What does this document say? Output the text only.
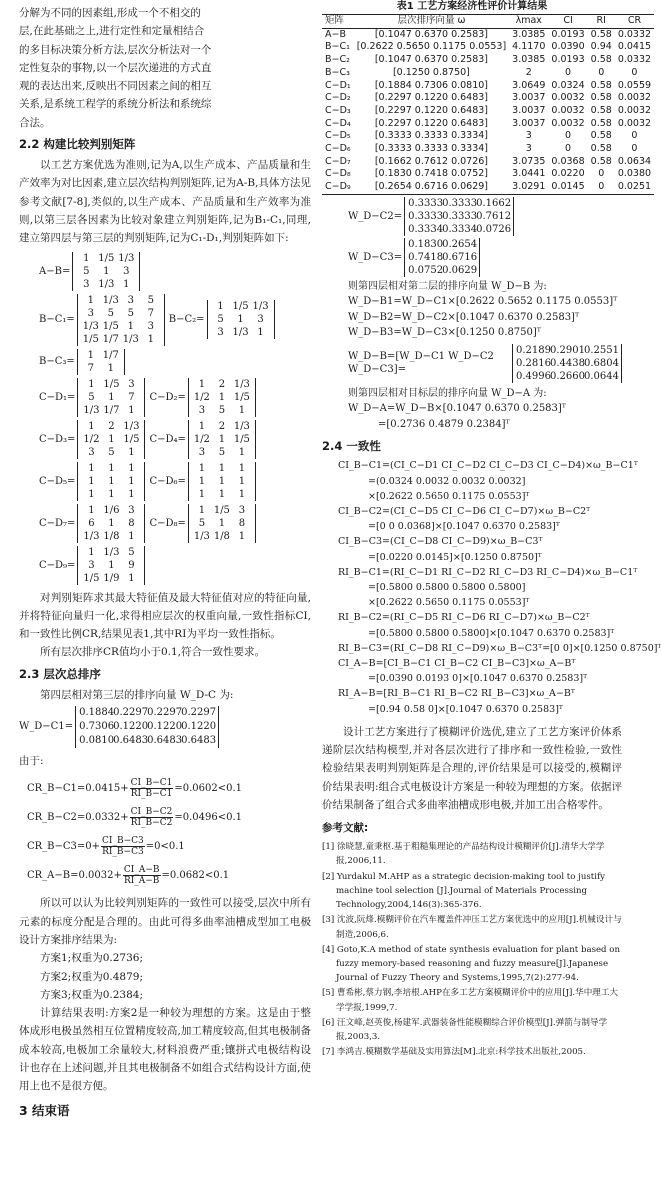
分解为不同的因素组,形成一个不相交的
层,在此基础之上,进行定性和定量相结合
的多目标决策分析方法,层次分析法对一个
定性复杂的事物,以一个层次递进的方式直
观的表达出来,反映出不同因素之间的相互
关系,是系统工程学的系统分析法和系统综
合法。
2.2 构建比较判别矩阵

以工艺方案优选为准则,记为A,以生产成本、产品质量和生产效率为对比因素,建立层次结构判别矩阵,记为A-B,具体方法见参考文献[7-8],类似的,以生产成本、产品质量和生产效率为准则,以第三层各因素为比较对象建立判别矩阵,记为B₁-C₁,同理,建立第四层与第三层的判别矩阵,记为C₁-D₁,判别矩阵如下:

A−B=
1 1/5 1/3
5	1	3
3 1/3 1
B−C₁=
1 1/3 3	5
3	5	5	7
1/3 1/5 1	3
1/5 1/7 1/3 1
B−C₂=
1 1/5 1/3
5	1	3
3 1/3 1
B−C₃=
1 1/7
7	1
C−D₁=
1 1/5 3
5	1	7
1/3 1/7 1
C−D₂=
1	2 1/3
1/2 1 1/5
3	5	1
C−D₃=
1	2 1/3
1/2 1 1/5
3	5	1
C−D₄=
1	2 1/3
1/2 1 1/5
3	5	1
C−D₅=
1	1	1
1	1	1
1	1	1
C−D₆=
1	1	1
1	1	1
1	1	1
C−D₇=
1 1/6 3
6	1	8
1/3 1/8 1
C−D₈=
1 1/5 3
5	1	8
1/3 1/8 1
C−D₉=
1 1/3 5
3	1	9
1/5 1/9 1

对判别矩阵求其最大特征值及最大特征值对应的特征向量,并将特征向量归一化,求得相应层次的权重向量,一致性指标CI,和一致性比例CR,结果见表1,其中RI为平均一致性指标。

所有层次排序CR值均小于0.1,符合一致性要求。

2.3 层次总排序

第四层相对第三层的排序向量 W_D-C 为:

W_D−C1=
0.1884 0.2297 0.2297 0.2297
0.7306 0.1220 0.1220 0.1220
0.0810 0.6483 0.6483 0.6483

由于:

CR_B−C1=0.0415+ $\frac{CI\_B-C1}{RI\_B-C1} =0.0602<0.1$
CR_B−C2=0.0332+ $\frac{CI\_B-C2}{RI\_B-C2} =0.0496<0.1$
CR_B−C3=0+ $\frac{CI\_B-C3}{RI\_B-C3} =0<0.1$
CR_A−B=0.0032+ $\frac{CI\_A-B}{RI\_A-B} =0.0682<0.1$

所以可以认为比较判别矩阵的一致性可以接受,层次中所有元素的标度分配是合理的。由此可得多曲率油槽成型加工电极设计方案排序结果为:

方案1;权重为0.2736;
方案2;权重为0.4879;
方案3;权重为0.2384;

计算结果表明:方案2是一种较为理想的方案。这是由于整体成形电极虽然相互位置精度较高,加工精度较高,但其电极制备成本较高,电极加工余量较大,材料浪费严重;镶拼式电极结构设计也存在上述问题,并且其电极制备不如组合式结构设计方面,使用上也不是很方便。

3 结束语
表1 工艺方案经济性评价计算结果
矩阵	层次排序向量 ω	λmax	CI	RI	CR
A−B	[0.1047 0.6370 0.2583]	3.0385	0.0193	0.58	0.0332
B−C₁	[0.2622 0.5650 0.1175 0.0553]	4.1170	0.0390	0.94	0.0415
B−C₂	[0.1047 0.6370 0.2583]	3.0385	0.0193	0.58	0.0332
B−C₃	[0.1250 0.8750]	2	0	0	0
C−D₁	[0.1884 0.7306 0.0810]	3.0649	0.0324	0.58	0.0559
C−D₂	[0.2297 0.1220 0.6483]	3.0037	0.0032	0.58	0.0032
C−D₃	[0.2297 0.1220 0.6483]	3.0037	0.0032	0.58	0.0032
C−D₄	[0.2297 0.1220 0.6483]	3.0037	0.0032	0.58	0.0032
C−D₅	[0.3333 0.3333 0.3334]	3	0	0.58	0
C−D₆	[0.3333 0.3333 0.3334]	3	0	0.58	0
C−D₇	[0.1662 0.7612 0.0726]	3.0735	0.0368	0.58	0.0634
C−D₈	[0.1830 0.7418 0.0752]	3.0441	0.0220	0	0.0380
C−D₉	[0.2654 0.6716 0.0629]	3.0291	0.0145	0	0.0251
W_D−C2=
0.3333 0.3333 0.1662
0.3333 0.3333 0.7612
0.3334 0.3334 0.0726
W_D−C3=
0.1830 0.2654
0.7418 0.6716
0.0752 0.0629

则第四层相对第二层的排序向量 W_D−B 为:

W_D−B1=W_D−C1×[0.2622 0.5652 0.1175 0.0553]ᵀ
W_D−B2=W_D−C2×[0.1047 0.6370 0.2583]ᵀ
W_D−B3=W_D−C3×[0.1250 0.8750]ᵀ
W_D−B=[W_D−C1 W_D−C2 W_D−C3]=
0.2189 0.2901 0.2551
0.2816 0.4438 0.6804
0.4996 0.2660 0.0644

则第四层相对目标层的排序向量 W_D−A 为:

W_D−A=W_D−B×[0.1047 0.6370 0.2583]ᵀ
=[0.2736 0.4879 0.2384]ᵀ
2.4 一致性
CI_B−C1=(CI_C−D1 CI_C−D2 CI_C−D3 CI_C−D4)×ω_B−C1ᵀ
=(0.0324 0.0032 0.0032 0.0032]
×[0.2622 0.5650 0.1175 0.0553]ᵀ
CI_B−C2=(CI_C−D5 CI_C−D6 CI_C−D7)×ω_B−C2ᵀ
=[0 0 0.0368]×[0.1047 0.6370 0.2583]ᵀ
CI_B−C3=(CI_C−D8 CI_C−D9)×ω_B−C3ᵀ
=[0.0220 0.0145]×[0.1250 0.8750]ᵀ
RI_B−C1=(RI_C−D1 RI_C−D2 RI_C−D3 RI_C−D4)×ω_B−C1ᵀ
=[0.5800 0.5800 0.5800 0.5800]
×[0.2622 0.5650 0.1175 0.0553]ᵀ
RI_B−C2=(RI_C−D5 RI_C−D6 RI_C−D7)×ω_B−C2ᵀ
=[0.5800 0.5800 0.5800]×[0.1047 0.6370 0.2583]ᵀ
RI_B−C3=(RI_C−D8 RI_C−D9)×ω_B−C3ᵀ=[0 0]×[0.1250 0.8750]ᵀ
CI_A−B=[CI_B−C1 CI_B−C2 CI_B−C3]×ω_A−Bᵀ
=[0.0390 0.0193 0]×[0.1047 0.6370 0.2583]ᵀ
RI_A−B=[RI_B−C1 RI_B−C2 RI_B−C3]×ω_A−Bᵀ
=[0.94 0.58 0]×[0.1047 0.6370 0.2583]ᵀ

设计工艺方案进行了模糊评价选优,建立了工艺方案评价体系递阶层次结构模型,并对各层次进行了排序和一致性检验,一致性检验结果表明判别矩阵是合理的,评价结果是可以接受的,模糊评价结果表明:组合式电极设计方案是一种较为理想的方案。依据评价结果制备了组合式多曲率油槽成形电极,并加工出合格零件。

参考文献:
[1] 徐晓慧,童秉枢.基于粗糙集理论的产品结构设计模糊评价[J].清华大学学报,2006,11.
[2] Yurdakul M.AHP as a strategic decision-making tool to justify machine tool selection [J].Journal of Materials Processing Technology,2004,146(3):365-376.
[3] 沈波,阮烽.模糊评价在汽车覆盖件冲压工艺方案优选中的应用[J].机械设计与制造,2006,6.
[4] Goto,K.A method of state synthesis evaluation for plant based on fuzzy memory-based reasoning and fuzzy measure[J].Japanese Journal of Fuzzy Theory and Systems,1995,7(2):277-94.
[5] 曹希彬,蔡力钢,李培根.AHP在多工艺方案模糊评价中的应用[J].华中理工大学学报,1999,7.
[6] 汪文峰,赵英俊,杨建军.武器装备性能模糊综合评价模型[J].弹箭与制导学报,2003,3.
[7] 李鸿吉.模糊数学基础及实用算法[M].北京:科学技术出版社,2005.
